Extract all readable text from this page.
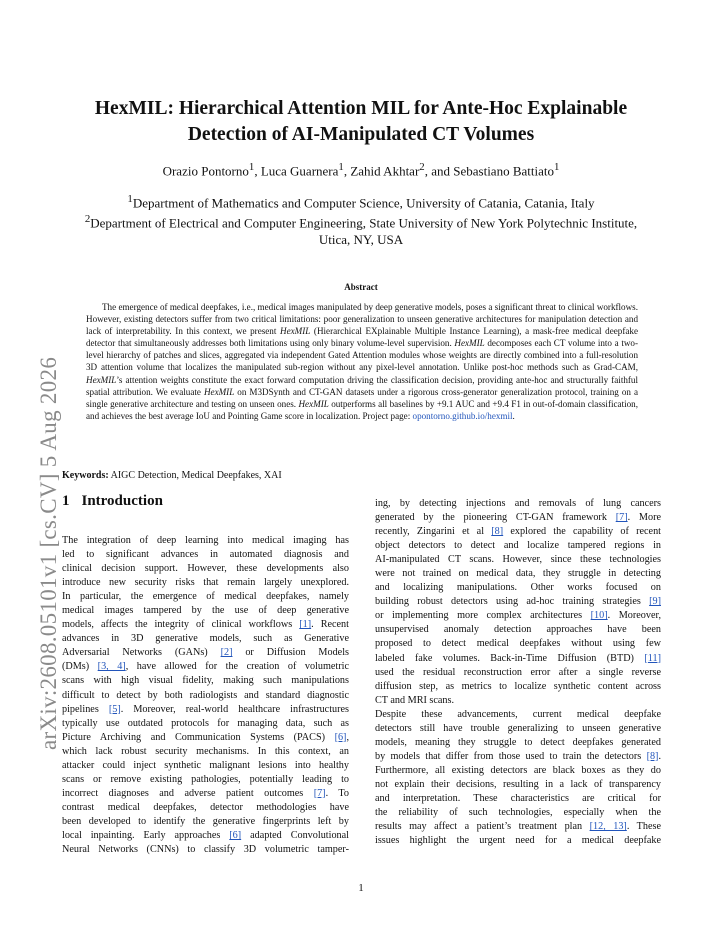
arXiv:2608.05101v1 [cs.CV] 5 Aug 2026
HexMIL: Hierarchical Attention MIL for Ante-Hoc Explainable
Detection of AI-Manipulated CT Volumes
Orazio Pontorno$^1$, Luca Guarnera$^1$, Zahid Akhtar$^2$, and Sebastiano Battiato$^1$
$^1$Department of Mathematics and Computer Science, University of Catania, Catania, Italy
$^2$Department of Electrical and Computer Engineering, State University of New York Polytechnic Institute,
Utica, NY, USA
Abstract
The emergence of medical deepfakes, i.e., medical images manipulated by deep generative models, poses a significant threat to clinical workflows. However, existing detectors suffer from two critical limitations: poor generalization to unseen generative architectures for manipulation detection and lack of interpretability. In this context, we present HexMIL (Hierarchical EXplainable Multiple Instance Learning), a mask-free medical deepfake detector that simultaneously addresses both limitations using only binary volume-level supervision. HexMIL decomposes each CT volume into a two-level hierarchy of patches and slices, aggregated via independent Gated Attention modules whose weights are directly combined into a full-resolution 3D attention volume that localizes the manipulated sub-region without any pixel-level annotation. Unlike post-hoc methods such as Grad-CAM, HexMIL’s attention weights constitute the exact forward computation driving the classification decision, providing ante-hoc and structurally faithful spatial attribution. We evaluate HexMIL on M3DSynth and CT-GAN datasets under a rigorous cross-generator generalization protocol, training on a single generative architecture and testing on unseen ones. HexMIL outperforms all baselines by +9.1 AUC and +9.4 F1 in out-of-domain classification, and achieves the best average IoU and Pointing Game score in localization. Project page: opontorno.github.io/hexmil.
Keywords: AIGC Detection, Medical Deepfakes, XAI
1 Introduction
The integration of deep learning into medical imaging has
led to significant advances in automated diagnosis and
clinical decision support. However, these developments also
introduce new security risks that remain largely unexplored.
In particular, the emergence of medical deepfakes, namely
medical images tampered by the use of deep generative
models, affects the integrity of clinical workflows [1]. Recent
advances in 3D generative models, such as Generative
Adversarial Networks (GANs) [2] or Diffusion Models
(DMs) [3, 4], have allowed for the creation of volumetric
scans with high visual fidelity, making such manipulations
difficult to detect by both radiologists and standard diagnostic
pipelines [5]. Moreover, real-world healthcare infrastructures
typically use outdated protocols for managing data, such as
Picture Archiving and Communication Systems (PACS) [6],
which lack robust security mechanisms. In this context, an
attacker could inject synthetic malignant lesions into healthy
scans or remove existing pathologies, potentially leading to
incorrect diagnoses and adverse patient outcomes [7]. To
contrast medical deepfakes, detector methodologies have
been developed to identify the generative fingerprints left by
local inpainting. Early approaches [6] adapted Convolutional
Neural Networks (CNNs) to classify 3D volumetric tamper-
ing, by detecting injections and removals of lung cancers
generated by the pioneering CT-GAN framework [7]. More
recently, Zingarini et al [8] explored the capability of recent
object detectors to detect and localize tampered regions in
AI-manipulated CT scans. However, since these technologies
were not trained on medical data, they struggle in detecting
and localizing manipulations. Other works focused on
building robust detectors using ad-hoc training strategies [9]
or implementing more complex architectures [10]. Moreover,
unsupervised anomaly detection approaches have been
proposed to detect medical deepfakes without using few
labeled fake volumes. Back-in-Time Diffusion (BTD) [11]
used the residual reconstruction error after a single reverse
diffusion step, as metrics to localize synthetic content across
CT and MRI scans.
Despite these advancements, current medical deepfake
detectors still have trouble generalizing to unseen generative
models, meaning they struggle to detect deepfakes generated
by models that differ from those used to train the detectors [8].
Furthermore, all existing detectors are black boxes as they do
not explain their decisions, resulting in a lack of transparency
and interpretation. These characteristics are critical for
the reliability of such technologies, especially when the
results may affect a patient’s treatment plan [12, 13]. These
issues highlight the urgent need for a medical deepfake
1
